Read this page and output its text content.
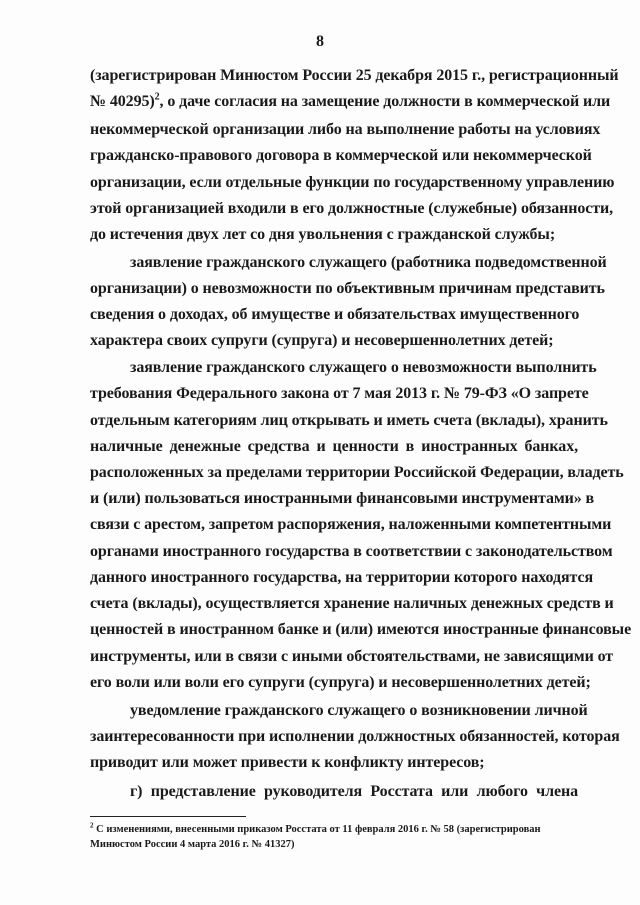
8
(зарегистрирован Минюстом России 25 декабря 2015 г., регистрационный
№ 40295)$^2$, о даче согласия на замещение должности в коммерческой или
некоммерческой организации либо на выполнение работы на условиях
гражданско-правового договора в коммерческой или некоммерческой
организации, если отдельные функции по государственному управлению
этой организацией входили в его должностные (служебные) обязанности,
до истечения двух лет со дня увольнения с гражданской службы;
заявление гражданского служащего (работника подведомственной
организации) о невозможности по объективным причинам представить
сведения о доходах, об имуществе и обязательствах имущественного
характера своих супруги (супруга) и несовершеннолетних детей;
заявление гражданского служащего о невозможности выполнить
требования Федерального закона от 7 мая 2013 г. № 79-ФЗ «О запрете
отдельным категориям лиц открывать и иметь счета (вклады), хранить
наличные денежные средства и ценности в иностранных банках,
расположенных за пределами территории Российской Федерации, владеть
и (или) пользоваться иностранными финансовыми инструментами» в
связи с арестом, запретом распоряжения, наложенными компетентными
органами иностранного государства в соответствии с законодательством
данного иностранного государства, на территории которого находятся
счета (вклады), осуществляется хранение наличных денежных средств и
ценностей в иностранном банке и (или) имеются иностранные финансовые
инструменты, или в связи с иными обстоятельствами, не зависящими от
его воли или воли его супруги (супруга) и несовершеннолетних детей;
уведомление гражданского служащего о возникновении личной
заинтересованности при исполнении должностных обязанностей, которая
приводит или может привести к конфликту интересов;
г) представление руководителя Росстата или любого члена
$^2$ С изменениями, внесенными приказом Росстата от 11 февраля 2016 г. № 58 (зарегистрирован
Минюстом России 4 марта 2016 г. № 41327)
